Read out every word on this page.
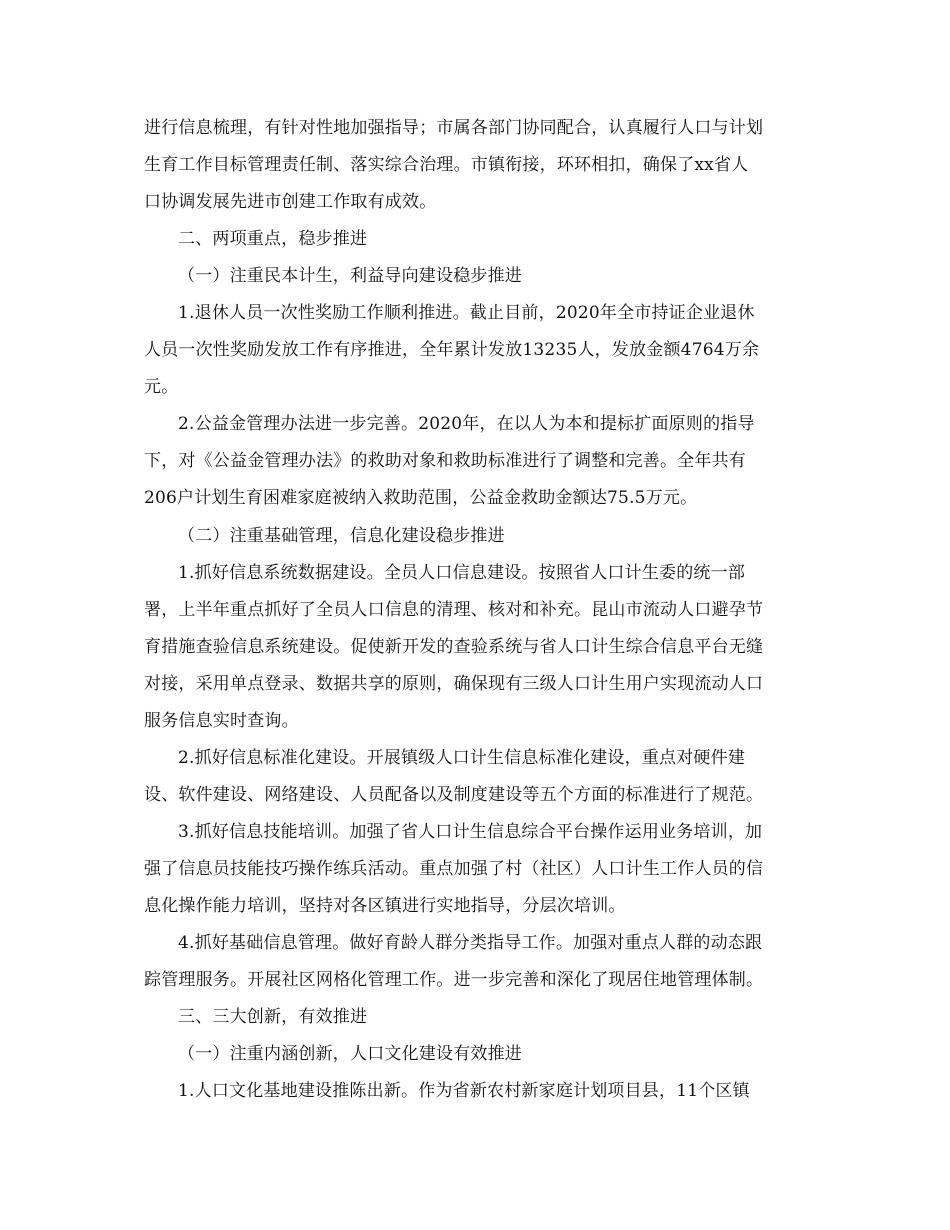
进行信息梳理，有针对性地加强指导；市属各部门协同配合，认真履行人口与计划
生育工作目标管理责任制、落实综合治理。市镇衔接，环环相扣，确保了xx省人
口协调发展先进市创建工作取有成效。
二、两项重点，稳步推进
（一）注重民本计生，利益导向建设稳步推进
1.退休人员一次性奖励工作顺利推进。截止目前，2020年全市持证企业退休
人员一次性奖励发放工作有序推进，全年累计发放13235人，发放金额4764万余
元。
2.公益金管理办法进一步完善。2020年，在以人为本和提标扩面原则的指导
下，对《公益金管理办法》的救助对象和救助标准进行了调整和完善。全年共有
206户计划生育困难家庭被纳入救助范围，公益金救助金额达75.5万元。
（二）注重基础管理，信息化建设稳步推进
1.抓好信息系统数据建设。全员人口信息建设。按照省人口计生委的统一部
署，上半年重点抓好了全员人口信息的清理、核对和补充。昆山市流动人口避孕节
育措施查验信息系统建设。促使新开发的查验系统与省人口计生综合信息平台无缝
对接，采用单点登录、数据共享的原则，确保现有三级人口计生用户实现流动人口
服务信息实时查询。
2.抓好信息标准化建设。开展镇级人口计生信息标准化建设，重点对硬件建
设、软件建设、网络建设、人员配备以及制度建设等五个方面的标准进行了规范。
3.抓好信息技能培训。加强了省人口计生信息综合平台操作运用业务培训，加
强了信息员技能技巧操作练兵活动。重点加强了村（社区）人口计生工作人员的信
息化操作能力培训，坚持对各区镇进行实地指导，分层次培训。
4.抓好基础信息管理。做好育龄人群分类指导工作。加强对重点人群的动态跟
踪管理服务。开展社区网格化管理工作。进一步完善和深化了现居住地管理体制。
三、三大创新，有效推进
（一）注重内涵创新，人口文化建设有效推进
1.人口文化基地建设推陈出新。作为省新农村新家庭计划项目县，11个区镇
